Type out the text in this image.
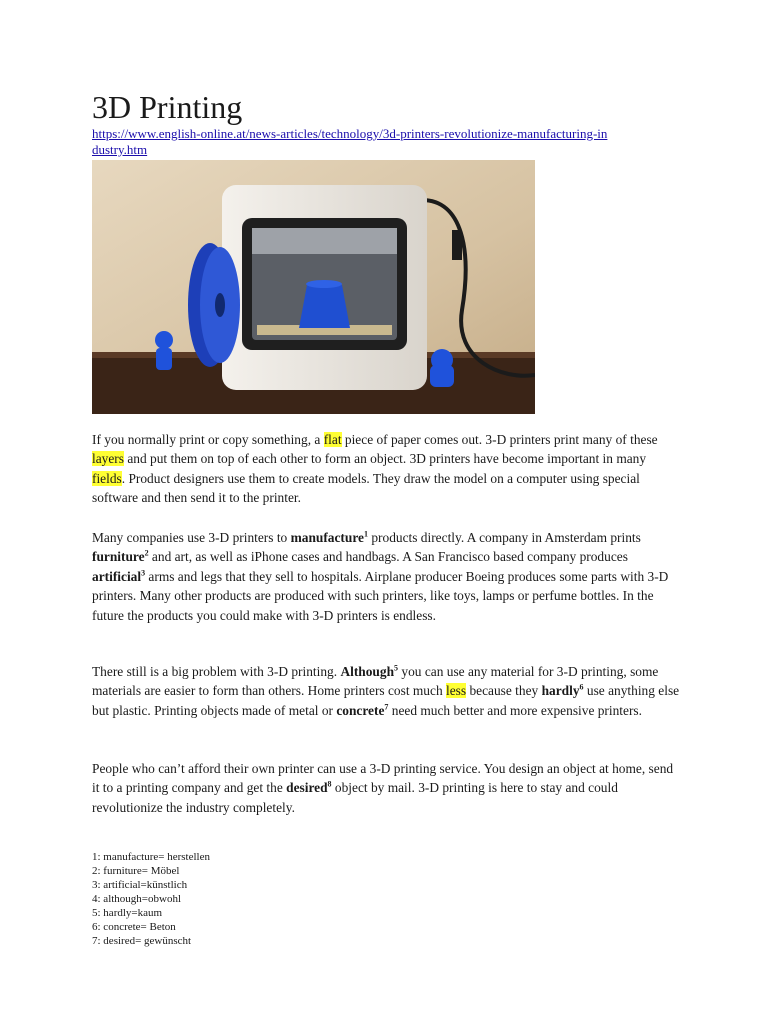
3D Printing
https://www.english-online.at/news-articles/technology/3d-printers-revolutionize-manufacturing-industry.htm

If you normally print or copy something, a flat piece of paper comes out. 3-D printers print many of these layers and put them on top of each other to form an object. 3D printers have become important in many fields. Product designers use them to create models. They draw the model on a computer using special software and then send it to the printer.

Many companies use 3-D printers to manufacture$^1$ products directly. A company in Amsterdam prints furniture$^2$ and art, as well as iPhone cases and handbags. A San Francisco based company produces artificial$^3$ arms and legs that they sell to hospitals. Airplane producer Boeing produces some parts with 3-D printers. Many other products are produced with such printers, like toys, lamps or perfume bottles. In the future the products you could make with 3-D printers is endless.

There still is a big problem with 3-D printing. Although$^5$ you can use any material for 3-D printing, some materials are easier to form than others. Home printers cost much less because they hardly$^6$ use anything else but plastic. Printing objects made of metal or concrete$^7$ need much better and more expensive printers.

People who can’t afford their own printer can use a 3-D printing service. You design an object at home, send it to a printing company and get the desired$^8$ object by mail. 3-D printing is here to stay and could revolutionize the industry completely.

1: manufacture= herstellen
2: furniture= Möbel
3: artificial=künstlich
4: although=obwohl
5: hardly=kaum
6: concrete= Beton
7: desired= gewünscht
